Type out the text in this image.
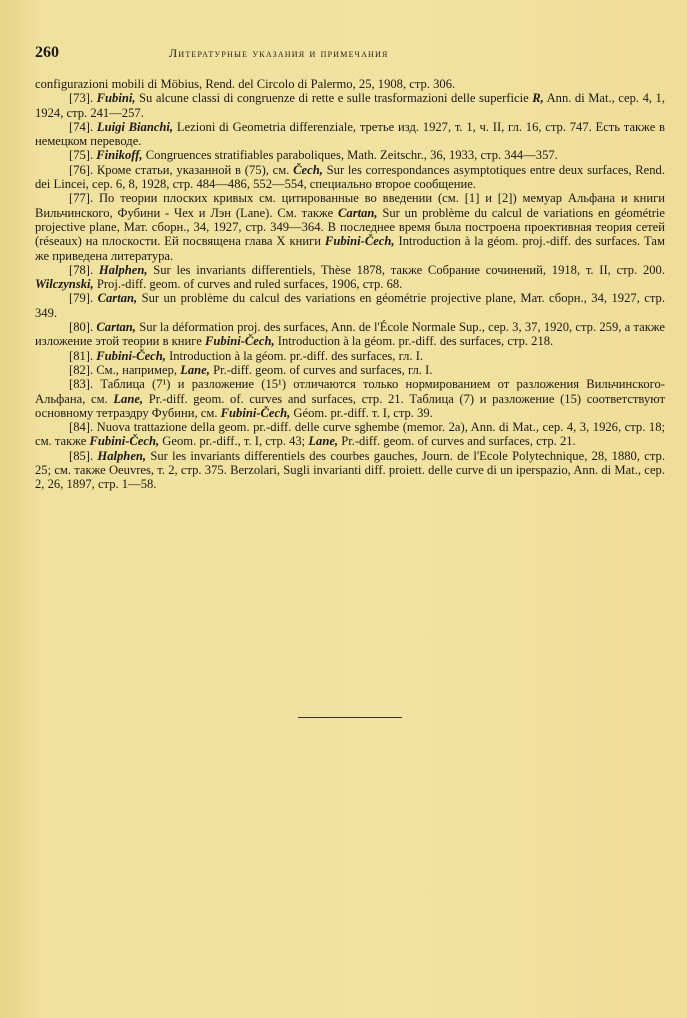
260	Литературные указания и примечания

configurazioni mobili di Möbius, Rend. del Circolo di Palermo, 25, 1908, стр. 306.

[73]. Fubini, Su alcune classi di congruenze di rette e sulle trasformazioni delle superficie R, Ann. di Mat., сер. 4, 1, 1924, стр. 241—257.

[74]. Luigi Bianchi, Lezioni di Geometria differenziale, третье изд. 1927, т. 1, ч. II, гл. 16, стр. 747. Есть также в немецком переводе.

[75]. Finikoff, Congruences stratifiables paraboliques, Math. Zeitschr., 36, 1933, стр. 344—357.

[76]. Кроме статьи, указанной в (75), см. Čech, Sur les correspondances asymptotiques entre deux surfaces, Rend. dei Lincei, сер. 6, 8, 1928, стр. 484—486, 552—554, специально второе сообщение.

[77]. По теории плоских кривых см. цитированные во введении (см. [1] и [2]) мемуар Альфана и книги Вильчинского, Фубини - Чех и Лэн (Lane). См. также Cartan, Sur un problème du calcul de variations en géométrie projective plane, Мат. сборн., 34, 1927, стр. 349—364. В последнее время была построена проективная теория сетей (réseaux) на плоскости. Ей посвящена глава X книги Fubini-Čech, Introduction à la géom. proj.-diff. des surfaces. Там же приведена литература.

[78]. Halphen, Sur les invariants differentiels, Thèse 1878, также Собрание сочинений, 1918, т. II, стр. 200. Wilczynski, Proj.-diff. geom. of curves and ruled surfaces, 1906, стр. 68.

[79]. Cartan, Sur un problème du calcul des variations en géométrie projective plane, Мат. сборн., 34, 1927, стр. 349.

[80]. Cartan, Sur la déformation proj. des surfaces, Ann. de l'École Normale Sup., сер. 3, 37, 1920, стр. 259, а также изложение этой теории в книге Fubini-Čech, Introduction à la géom. pr.-diff. des surfaces, стр. 218.

[81]. Fubini-Čech, Introduction à la géom. pr.-diff. des surfaces, гл. I.

[82]. См., например, Lane, Pr.-diff. geom. of curves and surfaces, гл. I.

[83]. Таблица (7¹) и разложение (15¹) отличаются только нормированием от разложения Вильчинского-Альфана, см. Lane, Pr.-diff. geom. of. curves and surfaces, стр. 21. Таблица (7) и разложение (15) соответствуют основному тетраэдру Фубини, см. Fubini-Čech, Géom. pr.-diff. т. I, стр. 39.

[84]. Nuova trattazione della geom. pr.-diff. delle curve sghembe (memor. 2a), Ann. di Mat., сер. 4, 3, 1926, стр. 18; см. также Fubini-Čech, Geom. pr.-diff., т. I, стр. 43; Lane, Pr.-diff. geom. of curves and surfaces, стр. 21.

[85]. Halphen, Sur les invariants differentiels des courbes gauches, Journ. de l'Ecole Polytechnique, 28, 1880, стр. 25; см. также Oeuvres, т. 2, стр. 375. Berzolari, Sugli invarianti diff. proiett. delle curve di un iperspazio, Ann. di Mat., сер. 2, 26, 1897, стр. 1—58.
